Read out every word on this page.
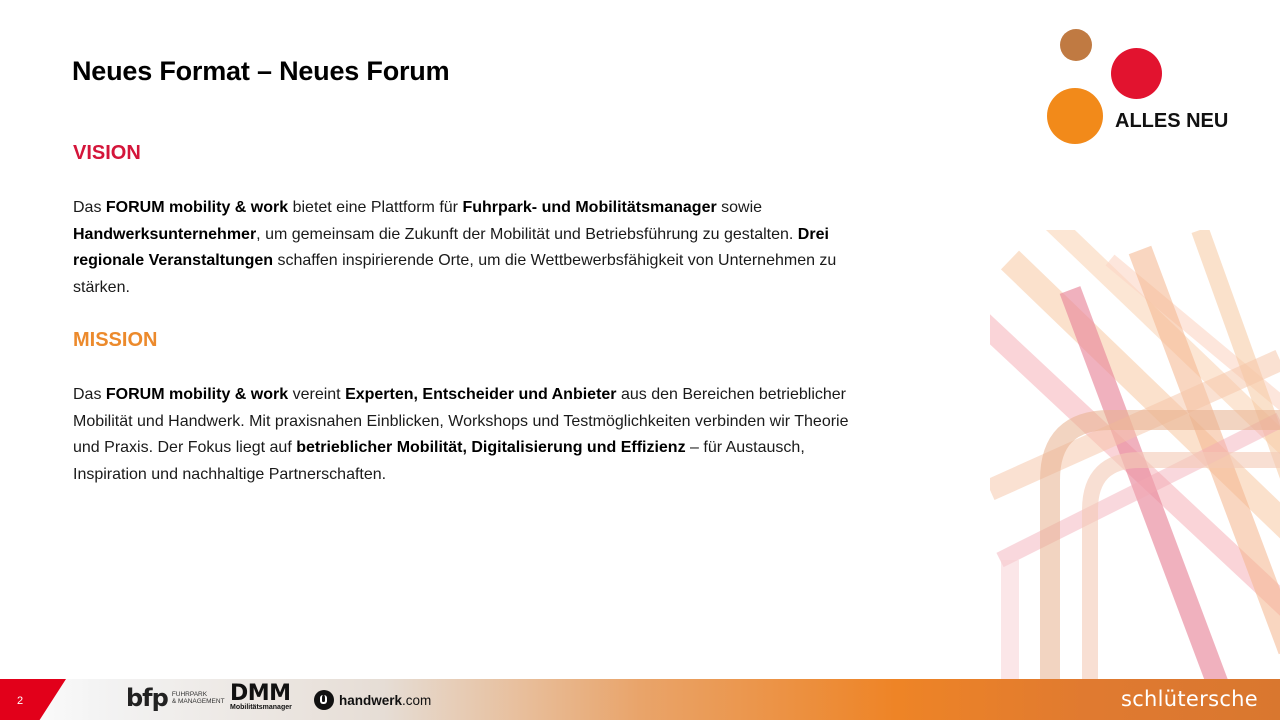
Neues Format – Neues Forum
ALLES NEU
VISION

Das FORUM mobility & work bietet eine Plattform für Fuhrpark- und Mobilitätsmanager sowie Handwerksunternehmer, um gemeinsam die Zukunft der Mobilität und Betriebsführung zu gestalten. Drei regionale Veranstaltungen schaffen inspirierende Orte, um die Wettbewerbsfähigkeit von Unternehmen zu stärken.

MISSION

Das FORUM mobility & work vereint Experten, Entscheider und Anbieter aus den Bereichen betrieblicher Mobilität und Handwerk. Mit praxisnahen Einblicken, Workshops und Testmöglichkeiten verbinden wir Theorie und Praxis. Der Fokus liegt auf betrieblicher Mobilität, Digitalisierung und Effizienz – für Austausch, Inspiration und nachhaltige Partnerschaften.

2	bfp FUHRPARK
& MANAGEMENT DMM
Mobilitätsmanager	handwerk.com	schlütersche
